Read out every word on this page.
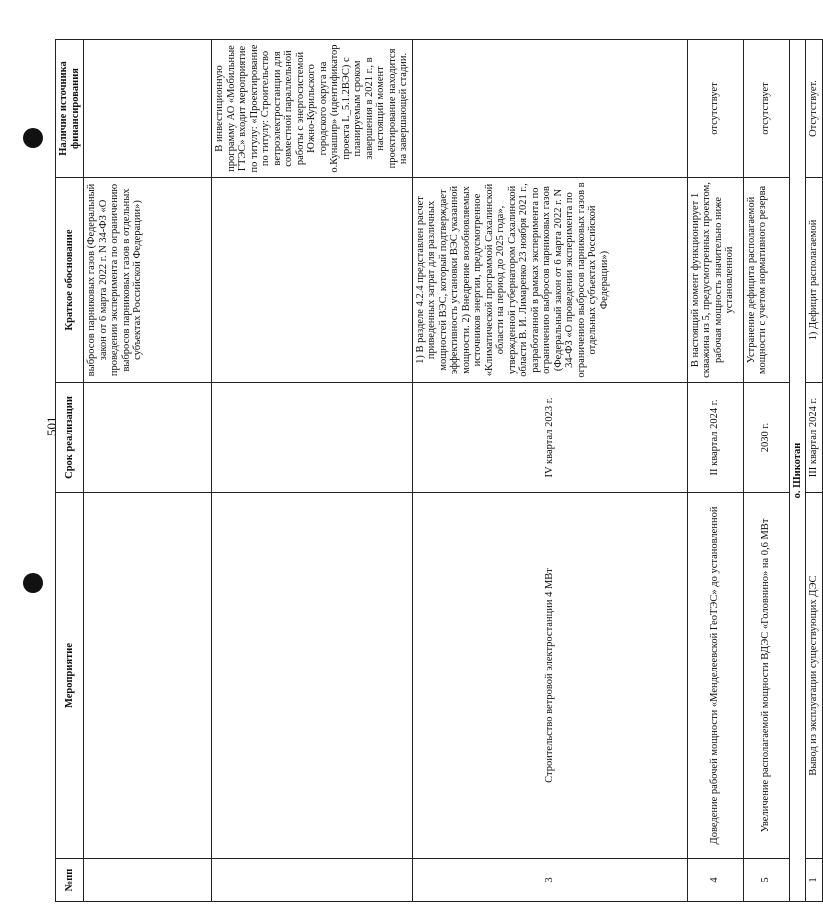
501
№пп	Мероприятие	Срок реализации	Краткое обоснование	Наличие источника финансирования
			выбросов парниковых газов (Федеральный закон от 6 марта 2022 г. N 34-ФЗ «О проведении эксперимента по ограничению выбросов парниковых газов в отдельных субъектах Российской Федерации»)	
				В инвестиционную программу АО «Мобильные ГТЭС» входит мероприятие по титулу: «Проектирование по титулу: Строительство ветроэлектростанции для совместной параллельной работы с энергосистемой Южно-Курильского городского округа на о.Кунашир» (идентификатор проекта L_5.1.2ВЭС) с планируемым сроком завершения в 2021 г., в настоящий момент проектирование находится на завершающей стадии.
3	Строительство ветровой электростанции 4 МВт	IV квартал 2023 г.	1) В разделе 4.2.4 представлен расчет приведенных затрат для различных мощностей ВЭС, который подтверждает эффективность установки ВЭС указанной мощности. 2) Внедрение возобновляемых источников энергии, предусмотренное «Климатической программой Сахалинской области на период до 2025 года», утвержденной губернатором Сахалинской области В. И. Лимаренко 23 ноября 2021 г., разработанной в рамках эксперимента по ограничению выбросов парниковых газов (Федеральный закон от 6 марта 2022 г. N 34-ФЗ «О проведении эксперимента по ограничению выбросов парниковых газов в отдельных субъектах Российской Федерации»)	
4	Доведение рабочей мощности «Менделеевской ГеоТЭС» до установленной	II квартал 2024 г.	В настоящий момент функционирует 1 скважина из 5, предусмотренных проектом, рабочая мощность значительно ниже установленной	отсутствует
5	Увеличение располагаемой мощности ВДЭС «Головнино» на 0,6 МВт	2030 г.	Устранение дефицита располагаемой мощности с учетом нормативного резерва	отсутствует
о. Шикотан				
1	Вывод из эксплуатации существующих ДЭС	III квартал 2024 г.	1) Дефицит располагаемой	Отсутствует.
